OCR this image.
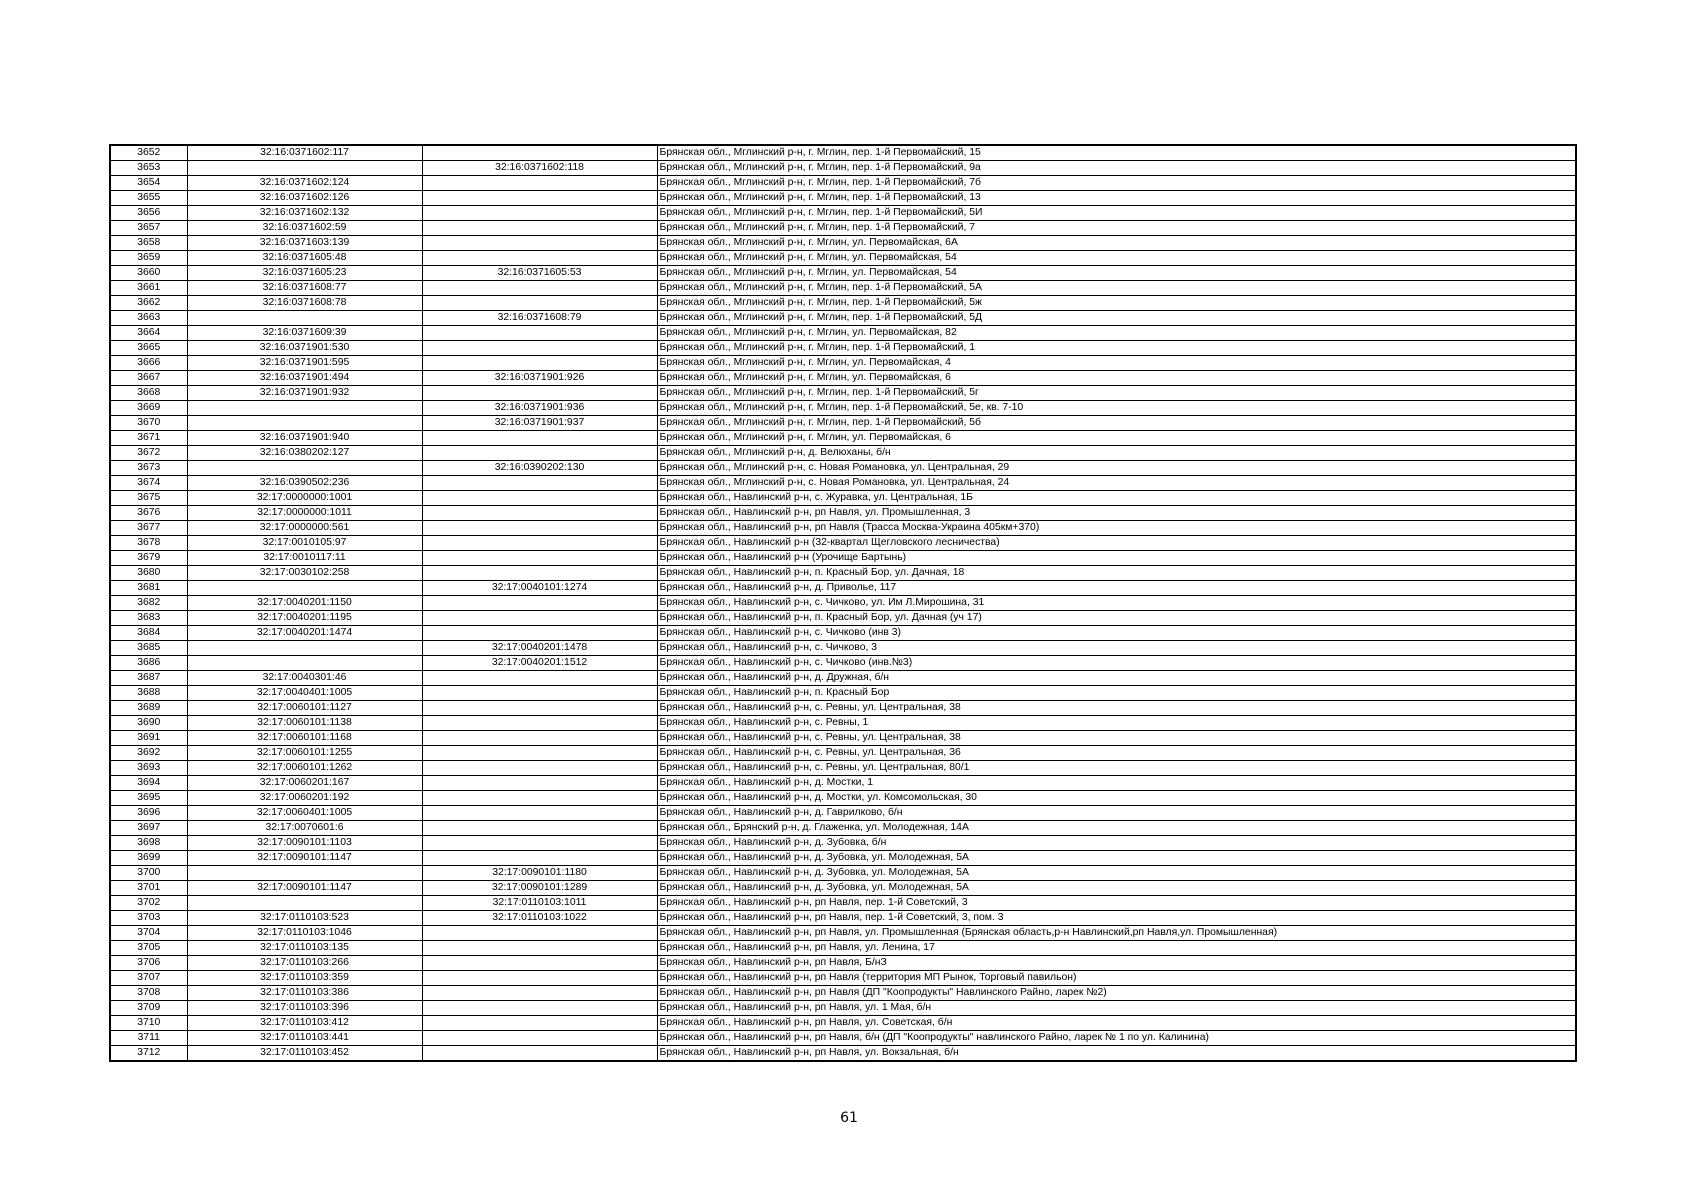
3652	32:16:0371602:117		Брянская обл., Мглинский р-н, г. Мглин, пер. 1-й Первомайский, 15
3653		32:16:0371602:118	Брянская обл., Мглинский р-н, г. Мглин, пер. 1-й Первомайский, 9а
3654	32:16:0371602:124		Брянская обл., Мглинский р-н, г. Мглин, пер. 1-й Первомайский, 7б
3655	32:16:0371602:126		Брянская обл., Мглинский р-н, г. Мглин, пер. 1-й Первомайский, 13
3656	32:16:0371602:132		Брянская обл., Мглинский р-н, г. Мглин, пер. 1-й Первомайский, 5И
3657	32:16:0371602:59		Брянская обл., Мглинский р-н, г. Мглин, пер. 1-й Первомайский, 7
3658	32:16:0371603:139		Брянская обл., Мглинский р-н, г. Мглин, ул. Первомайская, 6А
3659	32:16:0371605:48		Брянская обл., Мглинский р-н, г. Мглин, ул. Первомайская, 54
3660	32:16:0371605:23	32:16:0371605:53	Брянская обл., Мглинский р-н, г. Мглин, ул. Первомайская, 54
3661	32:16:0371608:77		Брянская обл., Мглинский р-н, г. Мглин, пер. 1-й Первомайский, 5А
3662	32:16:0371608:78		Брянская обл., Мглинский р-н, г. Мглин, пер. 1-й Первомайский, 5ж
3663		32:16:0371608:79	Брянская обл., Мглинский р-н, г. Мглин, пер. 1-й Первомайский, 5Д
3664	32:16:0371609:39		Брянская обл., Мглинский р-н, г. Мглин, ул. Первомайская, 82
3665	32:16:0371901:530		Брянская обл., Мглинский р-н, г. Мглин, пер. 1-й Первомайский, 1
3666	32:16:0371901:595		Брянская обл., Мглинский р-н, г. Мглин, ул. Первомайская, 4
3667	32:16:0371901:494	32:16:0371901:926	Брянская обл., Мглинский р-н, г. Мглин, ул. Первомайская, 6
3668	32:16:0371901:932		Брянская обл., Мглинский р-н, г. Мглин, пер. 1-й Первомайский, 5г
3669		32:16:0371901:936	Брянская обл., Мглинский р-н, г. Мглин, пер. 1-й Первомайский, 5е, кв. 7-10
3670		32:16:0371901:937	Брянская обл., Мглинский р-н, г. Мглин, пер. 1-й Первомайский, 5б
3671	32:16:0371901:940		Брянская обл., Мглинский р-н, г. Мглин, ул. Первомайская, 6
3672	32:16:0380202:127		Брянская обл., Мглинский р-н, д. Велюханы, б/н
3673		32:16:0390202:130	Брянская обл., Мглинский р-н, с. Новая Романовка, ул. Центральная, 29
3674	32:16:0390502:236		Брянская обл., Мглинский р-н, с. Новая Романовка, ул. Центральная, 24
3675	32:17:0000000:1001		Брянская обл., Навлинский р-н, с. Журавка, ул. Центральная, 1Б
3676	32:17:0000000:1011		Брянская обл., Навлинский р-н, рп Навля, ул. Промышленная, 3
3677	32:17:0000000:561		Брянская обл., Навлинский р-н, рп Навля (Трасса Москва-Украина 405км+370)
3678	32:17:0010105:97		Брянская обл., Навлинский р-н (32-квартал Щегловского лесничества)
3679	32:17:0010117:11		Брянская обл., Навлинский р-н (Урочище Бартынь)
3680	32:17:0030102:258		Брянская обл., Навлинский р-н, п. Красный Бор, ул. Дачная, 18
3681		32:17:0040101:1274	Брянская обл., Навлинский р-н, д. Приволье, 117
3682	32:17:0040201:1150		Брянская обл., Навлинский р-н, с. Чичково, ул. Им Л.Мирошина, 31
3683	32:17:0040201:1195		Брянская обл., Навлинский р-н, п. Красный Бор, ул. Дачная (уч 17)
3684	32:17:0040201:1474		Брянская обл., Навлинский р-н, с. Чичково (инв 3)
3685		32:17:0040201:1478	Брянская обл., Навлинский р-н, с. Чичково, 3
3686		32:17:0040201:1512	Брянская обл., Навлинский р-н, с. Чичково (инв.№3)
3687	32:17:0040301:46		Брянская обл., Навлинский р-н, д. Дружная, б/н
3688	32:17:0040401:1005		Брянская обл., Навлинский р-н, п. Красный Бор
3689	32:17:0060101:1127		Брянская обл., Навлинский р-н, с. Ревны, ул. Центральная, 38
3690	32:17:0060101:1138		Брянская обл., Навлинский р-н, с. Ревны, 1
3691	32:17:0060101:1168		Брянская обл., Навлинский р-н, с. Ревны, ул. Центральная, 38
3692	32:17:0060101:1255		Брянская обл., Навлинский р-н, с. Ревны, ул. Центральная, 36
3693	32:17:0060101:1262		Брянская обл., Навлинский р-н, с. Ревны, ул. Центральная, 80/1
3694	32:17:0060201:167		Брянская обл., Навлинский р-н, д. Мостки, 1
3695	32:17:0060201:192		Брянская обл., Навлинский р-н, д. Мостки, ул. Комсомольская, 30
3696	32:17:0060401:1005		Брянская обл., Навлинский р-н, д. Гаврилково, б/н
3697	32:17:0070601:6		Брянская обл., Брянский р-н, д. Глаженка, ул. Молодежная, 14А
3698	32:17:0090101:1103		Брянская обл., Навлинский р-н, д. Зубовка, б/н
3699	32:17:0090101:1147		Брянская обл., Навлинский р-н, д. Зубовка, ул. Молодежная, 5А
3700		32:17:0090101:1180	Брянская обл., Навлинский р-н, д. Зубовка, ул. Молодежная, 5А
3701	32:17:0090101:1147	32:17:0090101:1289	Брянская обл., Навлинский р-н, д. Зубовка, ул. Молодежная, 5А
3702		32:17:0110103:1011	Брянская обл., Навлинский р-н, рп Навля, пер. 1-й Советский, 3
3703	32:17:0110103:523	32:17:0110103:1022	Брянская обл., Навлинский р-н, рп Навля, пер. 1-й Советский, 3, пом. 3
3704	32:17:0110103:1046		Брянская обл., Навлинский р-н, рп Навля, ул. Промышленная (Брянская область,р-н Навлинский,рп Навля,ул. Промышленная)
3705	32:17:0110103:135		Брянская обл., Навлинский р-н, рп Навля, ул. Ленина, 17
3706	32:17:0110103:266		Брянская обл., Навлинский р-н, рп Навля, Б/нЗ
3707	32:17:0110103:359		Брянская обл., Навлинский р-н, рп Навля (территория МП Рынок, Торговый павильон)
3708	32:17:0110103:386		Брянская обл., Навлинский р-н, рп Навля (ДП "Коопродукты" Навлинского Райно, ларек №2)
3709	32:17:0110103:396		Брянская обл., Навлинский р-н, рп Навля, ул. 1 Мая, б/н
3710	32:17:0110103:412		Брянская обл., Навлинский р-н, рп Навля, ул. Советская, б/н
3711	32:17:0110103:441		Брянская обл., Навлинский р-н, рп Навля, б/н (ДП "Коопродукты" навлинского Райно, ларек № 1 по ул. Калинина)
3712	32:17:0110103:452		Брянская обл., Навлинский р-н, рп Навля, ул. Вокзальная, б/н
61
